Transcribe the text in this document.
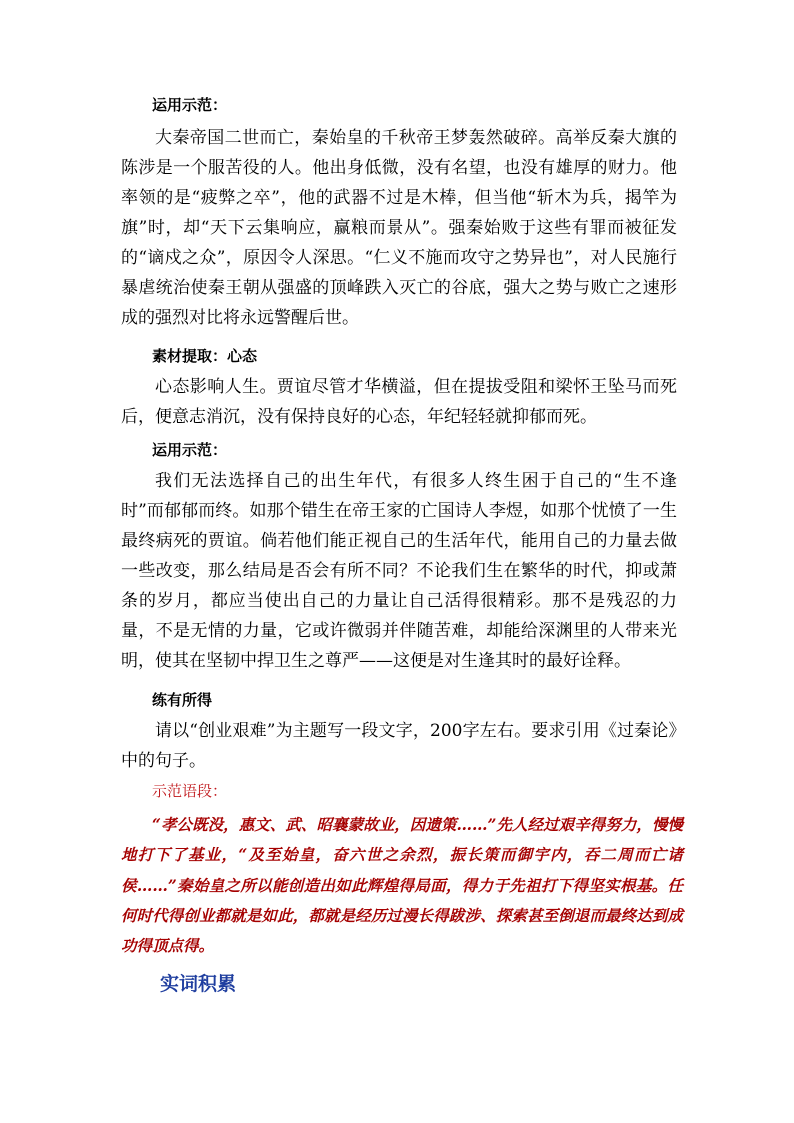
运用示范：
大秦帝国二世而亡，秦始皇的千秋帝王梦轰然破碎。高举反秦大旗的陈涉是一个服苦役的人。他出身低微，没有名望，也没有雄厚的财力。他率领的是“疲弊之卒”，他的武器不过是木棒，但当他“斩木为兵，揭竿为旗”时，却“天下云集响应，赢粮而景从”。强秦始败于这些有罪而被征发的“谪戍之众”，原因令人深思。“仁义不施而攻守之势异也”，对人民施行暴虐统治使秦王朝从强盛的顶峰跌入灭亡的谷底，强大之势与败亡之速形成的强烈对比将永远警醒后世。
素材提取：心态
心态影响人生。贾谊尽管才华横溢，但在提拔受阻和梁怀王坠马而死后，便意志消沉，没有保持良好的心态，年纪轻轻就抑郁而死。
运用示范：
我们无法选择自己的出生年代，有很多人终生困于自己的“生不逢时”而郁郁而终。如那个错生在帝王家的亡国诗人李煜，如那个忧愤了一生最终病死的贾谊。倘若他们能正视自己的生活年代，能用自己的力量去做一些改变，那么结局是否会有所不同？不论我们生在繁华的时代，抑或萧条的岁月，都应当使出自己的力量让自己活得很精彩。那不是残忍的力量，不是无情的力量，它或许微弱并伴随苦难，却能给深渊里的人带来光明，使其在坚韧中捍卫生之尊严——这便是对生逢其时的最好诠释。
练有所得
请以“创业艰难”为主题写一段文字，200字左右。要求引用《过秦论》中的句子。
示范语段：
“孝公既没，惠文、武、昭襄蒙故业，因遗策……”先人经过艰辛得努力，慢慢地打下了基业，“及至始皇，奋六世之余烈，振长策而御宇内，吞二周而亡诸侯……”秦始皇之所以能创造出如此辉煌得局面，得力于先祖打下得坚实根基。任何时代得创业都就是如此，都就是经历过漫长得跋涉、探索甚至倒退而最终达到成功得顶点得。
实词积累
